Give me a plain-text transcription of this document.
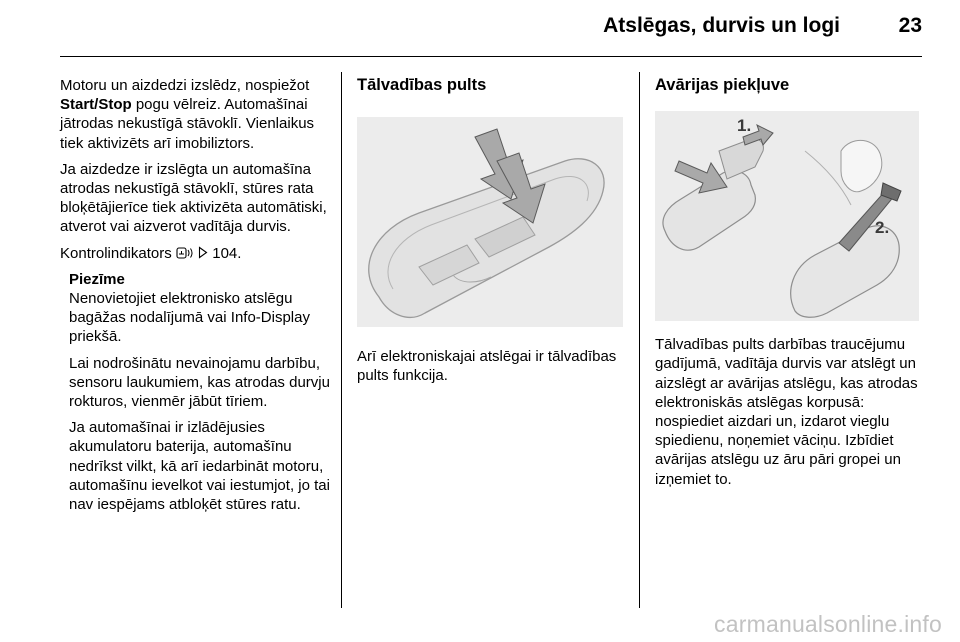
Atslēgas, durvis un logi	23

Motoru un aizdedzi izslēdz, nospiežot Start/Stop pogu vēlreiz. Automašīnai jātrodas nekustīgā stāvoklī. Vienlaikus tiek aktivizēts arī imobiliztors.

Ja aizdedze ir izslēgta un automašīna atrodas nekustīgā stāvoklī, stūres rata bloķētājierīce tiek aktivizēta automātiski, atverot vai aizverot vadītāja durvis.

Kontrolindikators	104.

Piezīme

Nenovietojiet elektronisko atslēgu bagāžas nodalījumā vai Info-Display priekšā.

Lai nodrošinātu nevainojamu darbību, sensoru laukumiem, kas atrodas durvju rokturos, vienmēr jābūt tīriem.

Ja automašīnai ir izlādējusies akumulatoru baterija, automašīnu nedrīkst vilkt, kā arī iedarbināt motoru, automašīnu ievelkot vai iestumjot, jo tai nav iespējams atbloķēt stūres ratu.

Tālvadības pults

Arī elektroniskajai atslēgai ir tālvadības pults funkcija.

Avārijas piekļuve
1.
2.

Tālvadības pults darbības traucējumu gadījumā, vadītāja durvis var atslēgt un aizslēgt ar avārijas atslēgu, kas atrodas elektroniskās atslēgas korpusā: nospiediet aizdari un, izdarot vieglu spiedienu, noņemiet vāciņu. Izbīdiet avārijas atslēgu uz āru pāri gropei un izņemiet to.

carmanualsonline.info
